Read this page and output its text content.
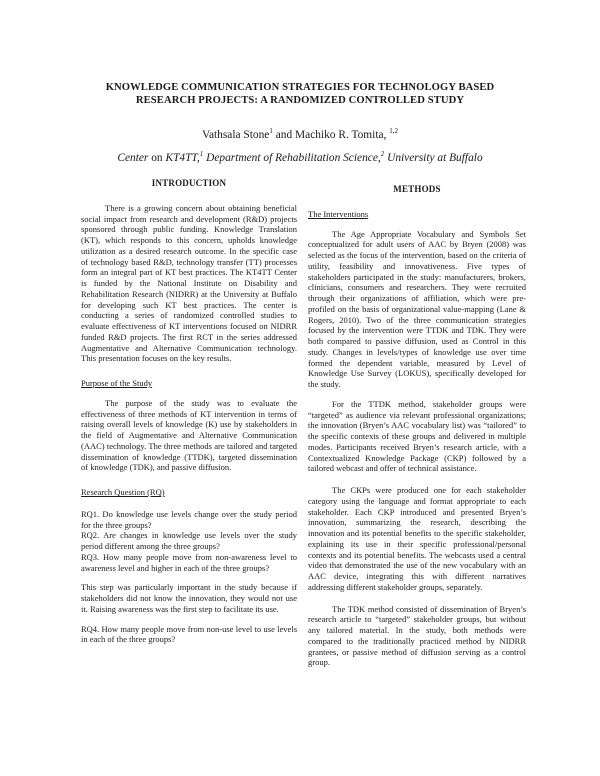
KNOWLEDGE COMMUNICATION STRATEGIES FOR TECHNOLOGY BASED
RESEARCH PROJECTS: A RANDOMIZED CONTROLLED STUDY
Vathsala Stone$^1$ and Machiko R. Tomita, $^{1,2}$
Center on KT4TT,$^1$ Department of Rehabilitation Science,$^2$ University at Buffalo
INTRODUCTION

There is a growing concern about obtaining beneficial social impact from research and development (R&D) projects sponsored through public funding. Knowledge Translation (KT), which responds to this concern, upholds knowledge utilization as a desired research outcome. In the specific case of technology based R&D, technology transfer (TT) processes form an integral part of KT best practices. The KT4TT Center is funded by the National Institute on Disability and Rehabilitation Research (NIDRR) at the University at Buffalo for developing such KT best practices. The center is conducting a series of randomized controlled studies to evaluate effectiveness of KT interventions focused on NIDRR funded R&D projects. The first RCT in the series addressed Augmentative and Alternative Communication technology. This presentation focuses on the key results.

Purpose of the Study

The purpose of the study was to evaluate the effectiveness of three methods of KT intervention in terms of raising overall levels of knowledge (K) use by stakeholders in the field of Augmentative and Alternative Communication (AAC) technology. The three methods are tailored and targeted dissemination of knowledge (TTDK), targeted dissemination of knowledge (TDK), and passive diffusion.

Research Question (RQ)

RQ1. Do knowledge use levels change over the study period for the three groups?

RQ2. Are changes in knowledge use levels over the study period different among the three groups?

RQ3. How many people move from non-awareness level to awareness level and higher in each of the three groups?

This step was particularly important in the study because if stakeholders did not know the innovation, they would not use it. Raising awareness was the first step to facilitate its use.

RQ4. How many people move from non-use level to use levels in each of the three groups?

METHODS
The Interventions

The Age Appropriate Vocabulary and Symbols Set conceptualized for adult users of AAC by Bryen (2008) was selected as the focus of the intervention, based on the criteria of utility, feasibility and innovativeness. Five types of stakeholders participated in the study: manufacturers, brokers, clinicians, consumers and researchers. They were recruited through their organizations of affiliation, which were pre-profiled on the basis of organizational value-mapping (Lane & Rogers, 2010). Two of the three communication strategies focused by the intervention were TTDK and TDK. They were both compared to passive diffusion, used as Control in this study. Changes in levels/types of knowledge use over time formed the dependent variable, measured by Level of Knowledge Use Survey (LOKUS), specifically developed for the study.

For the TTDK method, stakeholder groups were “targeted” as audience via relevant professional organizations; the innovation (Bryen’s AAC vocabulary list) was “tailored” to the specific contexts of these groups and delivered in multiple modes. Participants received Bryen’s research article, with a Contextualized Knowledge Package (CKP) followed by a tailored webcast and offer of technical assistance.

The CKPs were produced one for each stakeholder category using the language and format appropriate to each stakeholder. Each CKP introduced and presented Bryen’s innovation, summarizing the research, describing the innovation and its potential benefits to the specific stakeholder, explaining its use in their specific professional/personal contexts and its potential benefits. The webcasts used a central video that demonstrated the use of the new vocabulary with an AAC device, integrating this with different narratives addressing different stakeholder groups, separately.

The TDK method consisted of dissemination of Bryen’s research article to “targeted” stakeholder groups, but without any tailored material. In the study, both methods were compared to the traditionally practiced method by NIDRR grantees, or passive method of diffusion serving as a control group.
